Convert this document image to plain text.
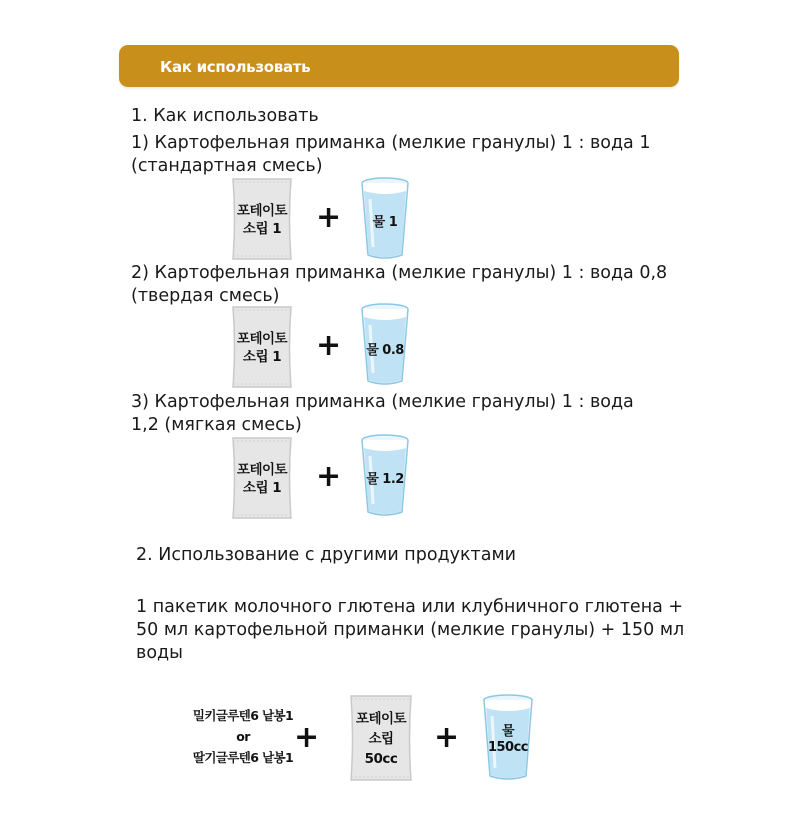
Как использовать
1. Как использовать
1) Картофельная приманка (мелкие гранулы) 1 : вода 1
(стандартная смесь)
포테이토
소립 1	+	물 1
2) Картофельная приманка (мелкие гранулы) 1 : вода 0,8
(твердая смесь)
포테이토
소립 1	+	물 0.8
3) Картофельная приманка (мелкие гранулы) 1 : вода
1,2 (мягкая смесь)
포테이토
소립 1	+	물 1.2
2. Использование с другими продуктами
1 пакетик молочного глютена или клубничного глютена +
50 мл картофельной приманки (мелкие гранулы) + 150 мл
воды
밀키글루텐6 낱봉1
or
딸기글루텐6 낱봉1
+
포테이토
소립
50cc
+	물
150cc
